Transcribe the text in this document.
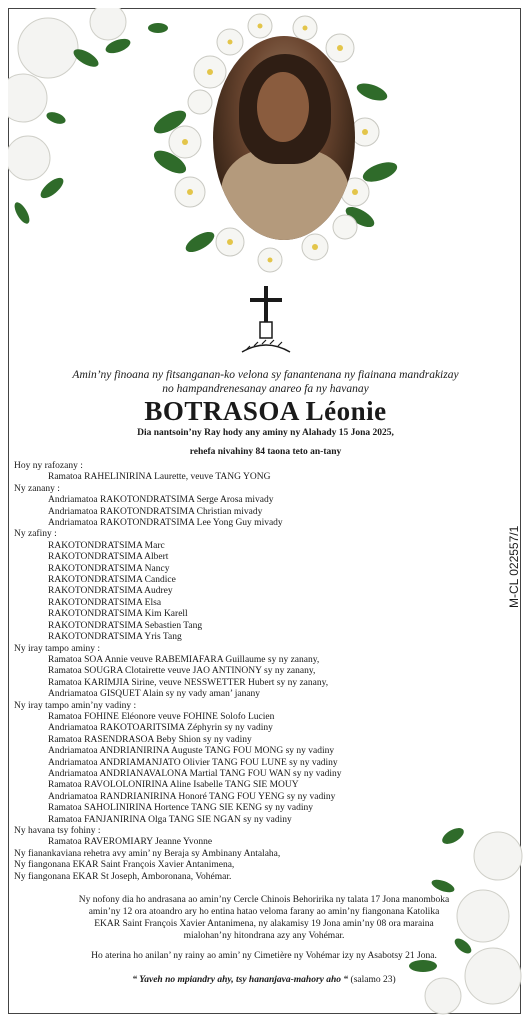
Amin’ny finoana ny fitsanganan-ko velona sy fanantenana ny fiainana mandrakizay
no hampandrenesanay anareo fa ny havanay
BOTRASOA Léonie
Dia nantsoin’ny Ray hody any aminy ny Alahady 15 Jona 2025,
rehefa nivahiny 84 taona teto an-tany
M-CL 022557/1
Hoy ny rafozany :
Ramatoa RAHELINIRINA Laurette, veuve TANG YONG
Ny zanany :
Andriamatoa RAKOTONDRATSIMA Serge Arosa mivady
Andriamatoa RAKOTONDRATSIMA Christian mivady
Andriamatoa RAKOTONDRATSIMA Lee Yong Guy mivady
Ny zafiny :
RAKOTONDRATSIMA Marc
RAKOTONDRATSIMA Albert
RAKOTONDRATSIMA Nancy
RAKOTONDRATSIMA Candice
RAKOTONDRATSIMA Audrey
RAKOTONDRATSIMA Elsa
RAKOTONDRATSIMA Kim Karell
RAKOTONDRATSIMA Sebastien Tang
RAKOTONDRATSIMA Yris Tang
Ny iray tampo aminy :
Ramatoa SOA Annie veuve RABEMIAFARA Guillaume sy ny zanany,
Ramatoa SOUGRA Clotairette veuve JAO ANTINONY sy ny zanany,
Ramatoa KARIMJIA Sirine, veuve NESSWETTER Hubert sy ny zanany,
Andriamatoa GISQUET Alain sy ny vady aman’ janany
Ny iray tampo amin’ny vadiny :
Ramatoa FOHINE Eléonore veuve FOHINE Solofo Lucien
Andriamatoa RAKOTOARITSIMA Zéphyrin sy ny vadiny
Ramatoa RASENDRASOA Beby Shion sy ny vadiny
Andriamatoa ANDRIANIRINA Auguste TANG FOU MONG sy ny vadiny
Andriamatoa ANDRIAMANJATO Olivier TANG FOU LUNE sy ny vadiny
Andriamatoa ANDRIANAVALONA Martial TANG FOU WAN sy ny vadiny
Ramatoa RAVOLOLONIRINA Aline Isabelle TANG SIE MOUY
Andriamatoa RANDRIANIRINA Honoré TANG FOU YENG sy ny vadiny
Ramatoa SAHOLINIRINA Hortence TANG SIE KENG sy ny vadiny
Ramatoa FANJANIRINA Olga TANG SIE NGAN sy ny vadiny
Ny havana tsy fohiny :
Ramatoa RAVEROMIARY Jeanne Yvonne
Ny fianankaviana rehetra avy amin’ ny Beraja sy Ambinany Antalaha,
Ny fiangonana EKAR Saint François Xavier Antanimena,
Ny fiangonana EKAR St Joseph, Amboronana, Vohémar.
Ny nofony dia ho andrasana ao amin’ny Cercle Chinois Behoririka ny talata 17 Jona manomboka
amin’ny 12 ora atoandro ary ho entina hatao veloma farany ao amin’ny fiangonana Katolika
EKAR Saint François Xavier Antanimena, ny alakamisy 19 Jona amin’ny 08 ora maraina
mialohan’ny hitondrana azy any Vohémar.
Ho aterina ho anilan’ ny rainy ao amin’ ny Cimetière ny Vohémar izy ny Asabotsy 21 Jona.
“ Yaveh no mpiandry ahy, tsy hananjava-mahory aho “ (salamo 23)
